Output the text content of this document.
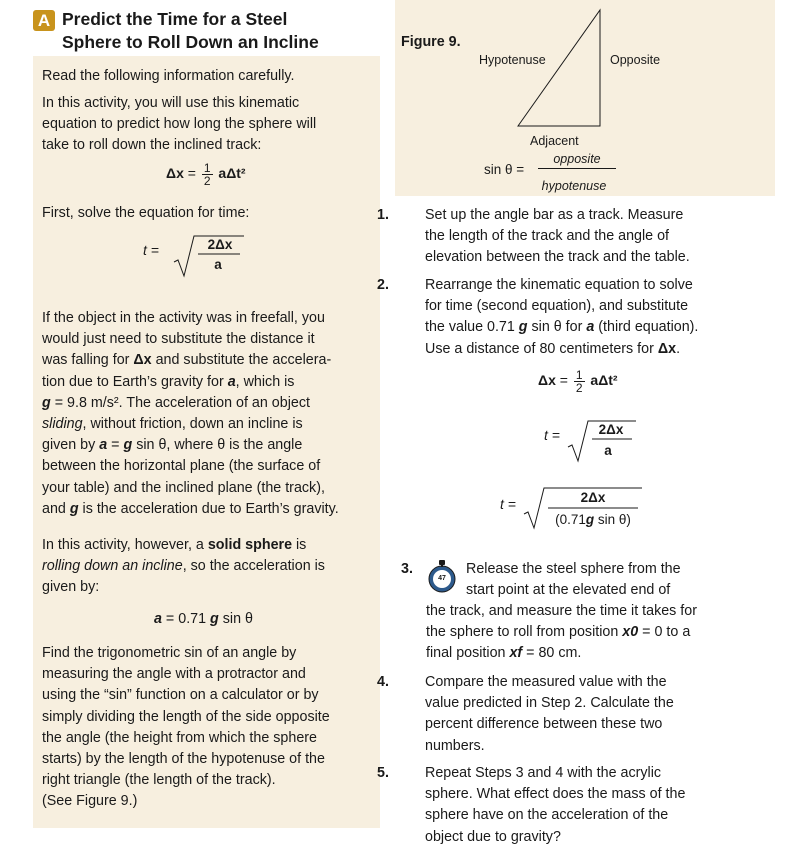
A Predict the Time for a Steel
Sphere to Roll Down an Incline
Read the following information carefully.
In this activity, you will use this kinematic
equation to predict how long the sphere will
take to roll down the inclined track:
$\Delta x = \frac{1}{2} a\Delta t^2$
First, solve the equation for time:
t =	2Δx
a
If the object in the activity was in freefall, you
would just need to substitute the distance it
was falling for Δx and substitute the accelera-
tion due to Earth’s gravity for a, which is
g = 9.8 m/s². The acceleration of an object
sliding, without friction, down an incline is
given by a = g sin θ, where θ is the angle
between the horizontal plane (the surface of
your table) and the inclined plane (the track),
and g is the acceleration due to Earth’s gravity.
In this activity, however, a solid sphere is
rolling down an incline, so the acceleration is
given by:
a = 0.71 g sin θ
Find the trigonometric sin of an angle by
measuring the angle with a protractor and
using the “sin” function on a calculator or by
simply dividing the length of the side opposite
the angle (the height from which the sphere
starts) by the length of the hypotenuse of the
right triangle (the length of the track).
(See Figure 9.)
Figure 9.
Hypotenuse	Opposite
Adjacent
sin θ =
opposite
hypotenuse
1.	Set up the angle bar as a track. Measure
the length of the track and the angle of
elevation between the track and the table.
2.	Rearrange the kinematic equation to solve
for time (second equation), and substitute
the value 0.71 g sin θ for a (third equation).
Use a distance of 80 centimeters for Δx.
$\Delta x = \frac{1}{2} a\Delta t^2$
t =	2Δx
a
t =	2Δx
(0.71g sin θ)
3.
47
Release the steel sphere from the
start point at the elevated end of
the track, and measure the time it takes for
the sphere to roll from position x0 = 0 to a
final position xf = 80 cm.
4.	Compare the measured value with the
value predicted in Step 2. Calculate the
percent difference between these two
numbers.
5.	Repeat Steps 3 and 4 with the acrylic
sphere. What effect does the mass of the
sphere have on the acceleration of the
object due to gravity?
